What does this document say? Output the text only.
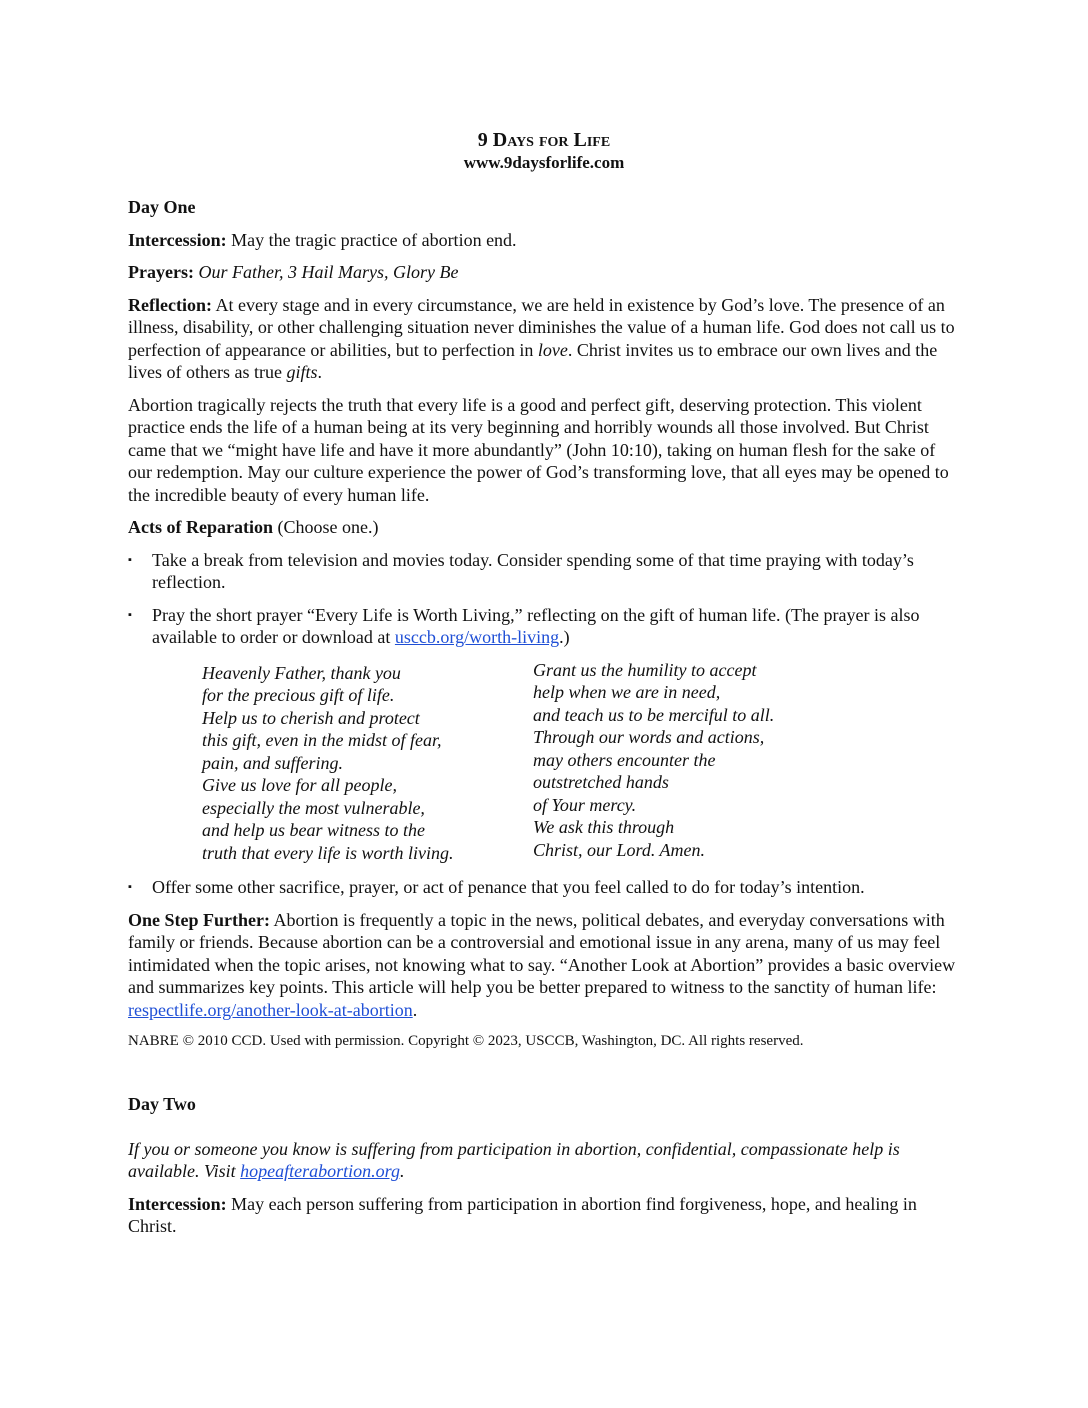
9 Days for Life
www.9daysforlife.com
Day One

Intercession: May the tragic practice of abortion end.

Prayers: Our Father, 3 Hail Marys, Glory Be

Reflection: At every stage and in every circumstance, we are held in existence by God’s love. The presence of an illness, disability, or other challenging situation never diminishes the value of a human life. God does not call us to perfection of appearance or abilities, but to perfection in love. Christ invites us to embrace our own lives and the lives of others as true gifts.

Abortion tragically rejects the truth that every life is a good and perfect gift, deserving protection. This violent practice ends the life of a human being at its very beginning and horribly wounds all those involved. But Christ came that we “might have life and have it more abundantly” (John 10:10), taking on human flesh for the sake of our redemption. May our culture experience the power of God’s transforming love, that all eyes may be opened to the incredible beauty of every human life.

Acts of Reparation (Choose one.)

▪ Take a break from television and movies today. Consider spending some of that time praying with today’s reflection.
▪ Pray the short prayer “Every Life is Worth Living,” reflecting on the gift of human life. (The prayer is also available to order or download at usccb.org/worth-living.)
Heavenly Father, thank you
for the precious gift of life.
Help us to cherish and protect
this gift, even in the midst of fear,
pain, and suffering.
Give us love for all people,
especially the most vulnerable,
and help us bear witness to the
truth that every life is worth living.
Grant us the humility to accept
help when we are in need,
and teach us to be merciful to all.
Through our words and actions,
may others encounter the
outstretched hands
of Your mercy.
We ask this through
Christ, our Lord. Amen.
▪ Offer some other sacrifice, prayer, or act of penance that you feel called to do for today’s intention.

One Step Further: Abortion is frequently a topic in the news, political debates, and everyday conversations with family or friends. Because abortion can be a controversial and emotional issue in any arena, many of us may feel intimidated when the topic arises, not knowing what to say. “Another Look at Abortion” provides a basic overview and summarizes key points. This article will help you be better prepared to witness to the sanctity of human life: respectlife.org/another-look-at-abortion.

NABRE © 2010 CCD. Used with permission. Copyright © 2023, USCCB, Washington, DC. All rights reserved.
Day Two

If you or someone you know is suffering from participation in abortion, confidential, compassionate help is available. Visit hopeafterabortion.org.

Intercession: May each person suffering from participation in abortion find forgiveness, hope, and healing in Christ.
